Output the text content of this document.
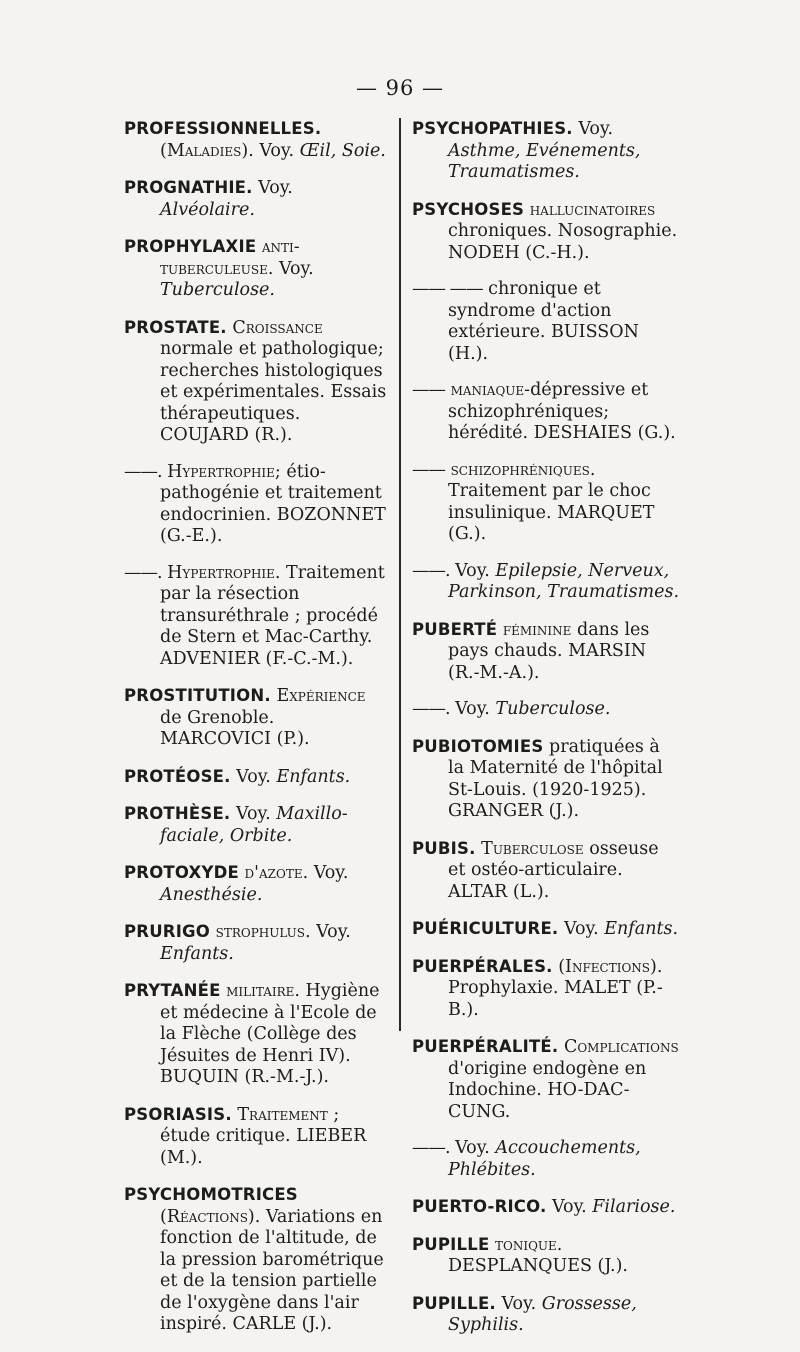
— 96 —

PROFESSIONNELLES. (Maladies). Voy. Œil, Soie.

PROGNATHIE. Voy. Alvéolaire.

PROPHYLAXIE anti-tuberculeuse. Voy. Tuberculose.

PROSTATE. Croissance normale et pathologique; recherches histologiques et expérimentales. Essais thérapeutiques. COUJARD (R.).

——. Hypertrophie; étio-pathogénie et traitement endocrinien. BOZONNET (G.-E.).

——. Hypertrophie. Traitement par la résection transuréthrale ; procédé de Stern et Mac-Carthy. ADVENIER (F.-C.-M.).

PROSTITUTION. Expérience de Grenoble. MARCOVICI (P.).

PROTÉOSE. Voy. Enfants.

PROTHÈSE. Voy. Maxillo-faciale, Orbite.

PROTOXYDE d'azote. Voy. Anesthésie.

PRURIGO strophulus. Voy. Enfants.

PRYTANÉE militaire. Hygiène et médecine à l'Ecole de la Flèche (Collège des Jésuites de Henri IV). BUQUIN (R.-M.-J.).

PSORIASIS. Traitement ; étude critique. LIEBER (M.).

PSYCHOMOTRICES (Réactions). Variations en fonction de l'altitude, de la pression barométrique et de la tension partielle de l'oxygène dans l'air inspiré. CARLE (J.).

PSYCHOPATHIES. Voy. Asthme, Evénements, Traumatismes.

PSYCHOSES hallucinatoires chroniques. Nosographie. NODEH (C.-H.).

—— —— chronique et syndrome d'action extérieure. BUISSON (H.).

—— maniaque-dépressive et schizophréniques; hérédité. DESHAIES (G.).

—— schizophréniques. Traitement par le choc insulinique. MARQUET (G.).

——. Voy. Epilepsie, Nerveux, Parkinson, Traumatismes.

PUBERTÉ féminine dans les pays chauds. MARSIN (R.-M.-A.).

——. Voy. Tuberculose.

PUBIOTOMIES pratiquées à la Maternité de l'hôpital St-Louis. (1920-1925). GRANGER (J.).

PUBIS. Tuberculose osseuse et ostéo-articulaire. ALTAR (L.).

PUÉRICULTURE. Voy. Enfants.

PUERPÉRALES. (Infections). Prophylaxie. MALET (P.-B.).

PUERPÉRALITÉ. Complications d'origine endogène en Indochine. HO-DAC-CUNG.

——. Voy. Accouchements, Phlébites.

PUERTO-RICO. Voy. Filariose.

PUPILLE tonique. DESPLANQUES (J.).

PUPILLE. Voy. Grossesse, Syphilis.
